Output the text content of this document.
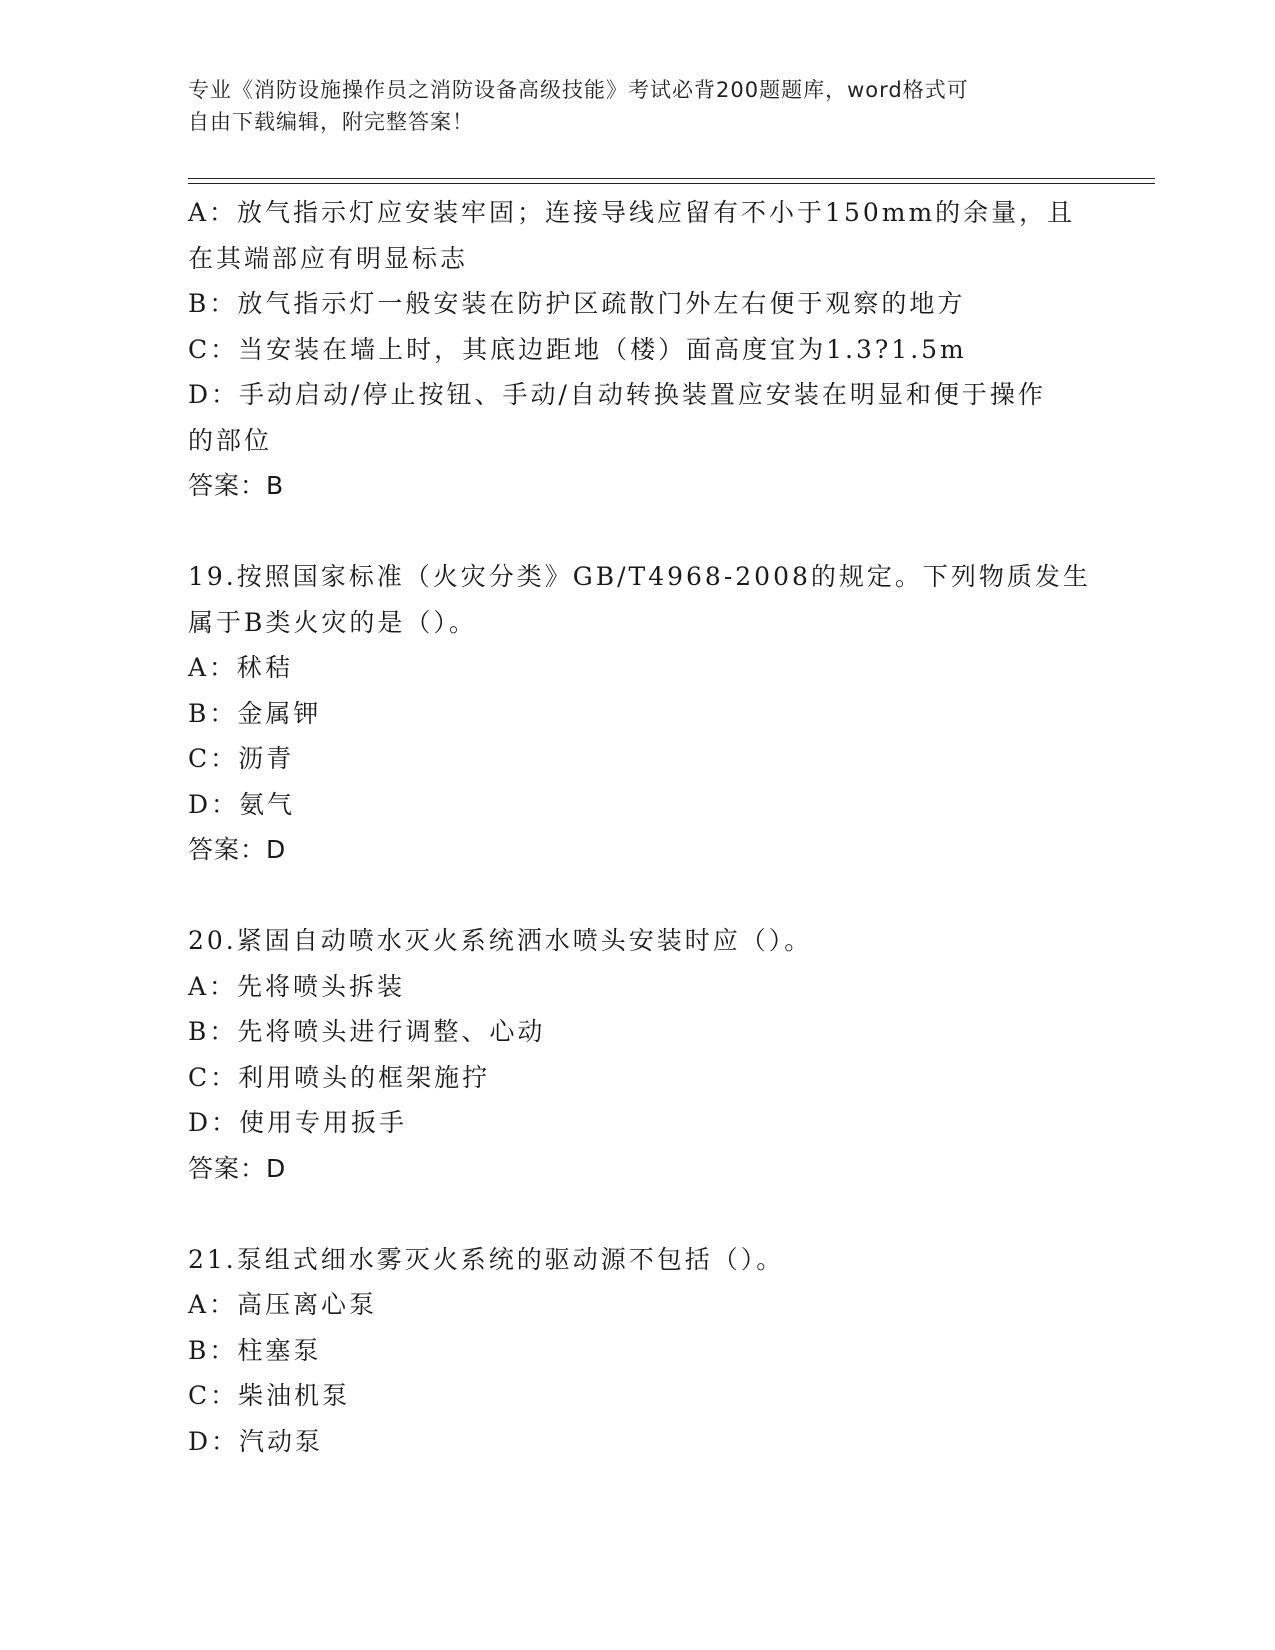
专业《消防设施操作员之消防设备高级技能》考试必背200题题库，word格式可
自由下载编辑，附完整答案！
A：放气指示灯应安装牢固；连接导线应留有不小于150mm的余量，且
在其端部应有明显标志
B：放气指示灯一般安装在防护区疏散门外左右便于观察的地方
C：当安装在墙上时，其底边距地（楼）面高度宜为1.3?1.5m
D：手动启动/停止按钮、手动/自动转换装置应安装在明显和便于操作
的部位
答案：B
19.按照国家标准（火灾分类》GB/T4968-2008的规定。下列物质发生
属于B类火灾的是（）。
A：秫秸
B：金属钾
C：沥青
D：氨气
答案：D
20.紧固自动喷水灭火系统洒水喷头安装时应（）。
A：先将喷头拆装
B：先将喷头进行调整、心动
C：利用喷头的框架施拧
D：使用专用扳手
答案：D
21.泵组式细水雾灭火系统的驱动源不包括（）。
A：高压离心泵
B：柱塞泵
C：柴油机泵
D：汽动泵
